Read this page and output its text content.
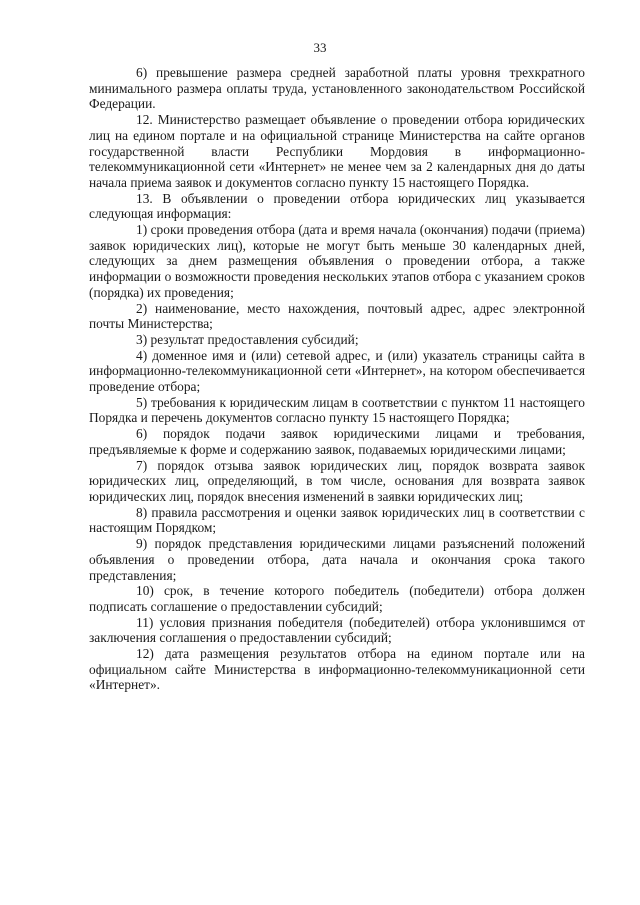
33

6) превышение размера средней заработной платы уровня трехкратного минимального размера оплаты труда, установленного законодательством Российской Федерации.

12. Министерство размещает объявление о проведении отбора юридических лиц на едином портале и на официальной странице Министерства на сайте органов государственной власти Республики Мордовия в информационно-телекоммуникационной сети «Интернет» не менее чем за 2 календарных дня до даты начала приема заявок и документов согласно пункту 15 настоящего Порядка.

13. В объявлении о проведении отбора юридических лиц указывается следующая информация:

1) сроки проведения отбора (дата и время начала (окончания) подачи (приема) заявок юридических лиц), которые не могут быть меньше 30 календарных дней, следующих за днем размещения объявления о проведении отбора, а также информации о возможности проведения нескольких этапов отбора с указанием сроков (порядка) их проведения;

2) наименование, место нахождения, почтовый адрес, адрес электронной почты Министерства;

3) результат предоставления субсидий;

4) доменное имя и (или) сетевой адрес, и (или) указатель страницы сайта в информационно-телекоммуникационной сети «Интернет», на котором обеспечивается проведение отбора;

5) требования к юридическим лицам в соответствии с пунктом 11 настоящего Порядка и перечень документов согласно пункту 15 настоящего Порядка;

6) порядок подачи заявок юридическими лицами и требования, предъявляемые к форме и содержанию заявок, подаваемых юридическими лицами;

7) порядок отзыва заявок юридических лиц, порядок возврата заявок юридических лиц, определяющий, в том числе, основания для возврата заявок юридических лиц, порядок внесения изменений в заявки юридических лиц;

8) правила рассмотрения и оценки заявок юридических лиц в соответствии с настоящим Порядком;

9) порядок представления юридическими лицами разъяснений положений объявления о проведении отбора, дата начала и окончания срока такого представления;

10) срок, в течение которого победитель (победители) отбора должен подписать соглашение о предоставлении субсидий;

11) условия признания победителя (победителей) отбора уклонившимся от заключения соглашения о предоставлении субсидий;

12) дата размещения результатов отбора на едином портале или на официальном сайте Министерства в информационно-телекоммуникационной сети «Интернет».
